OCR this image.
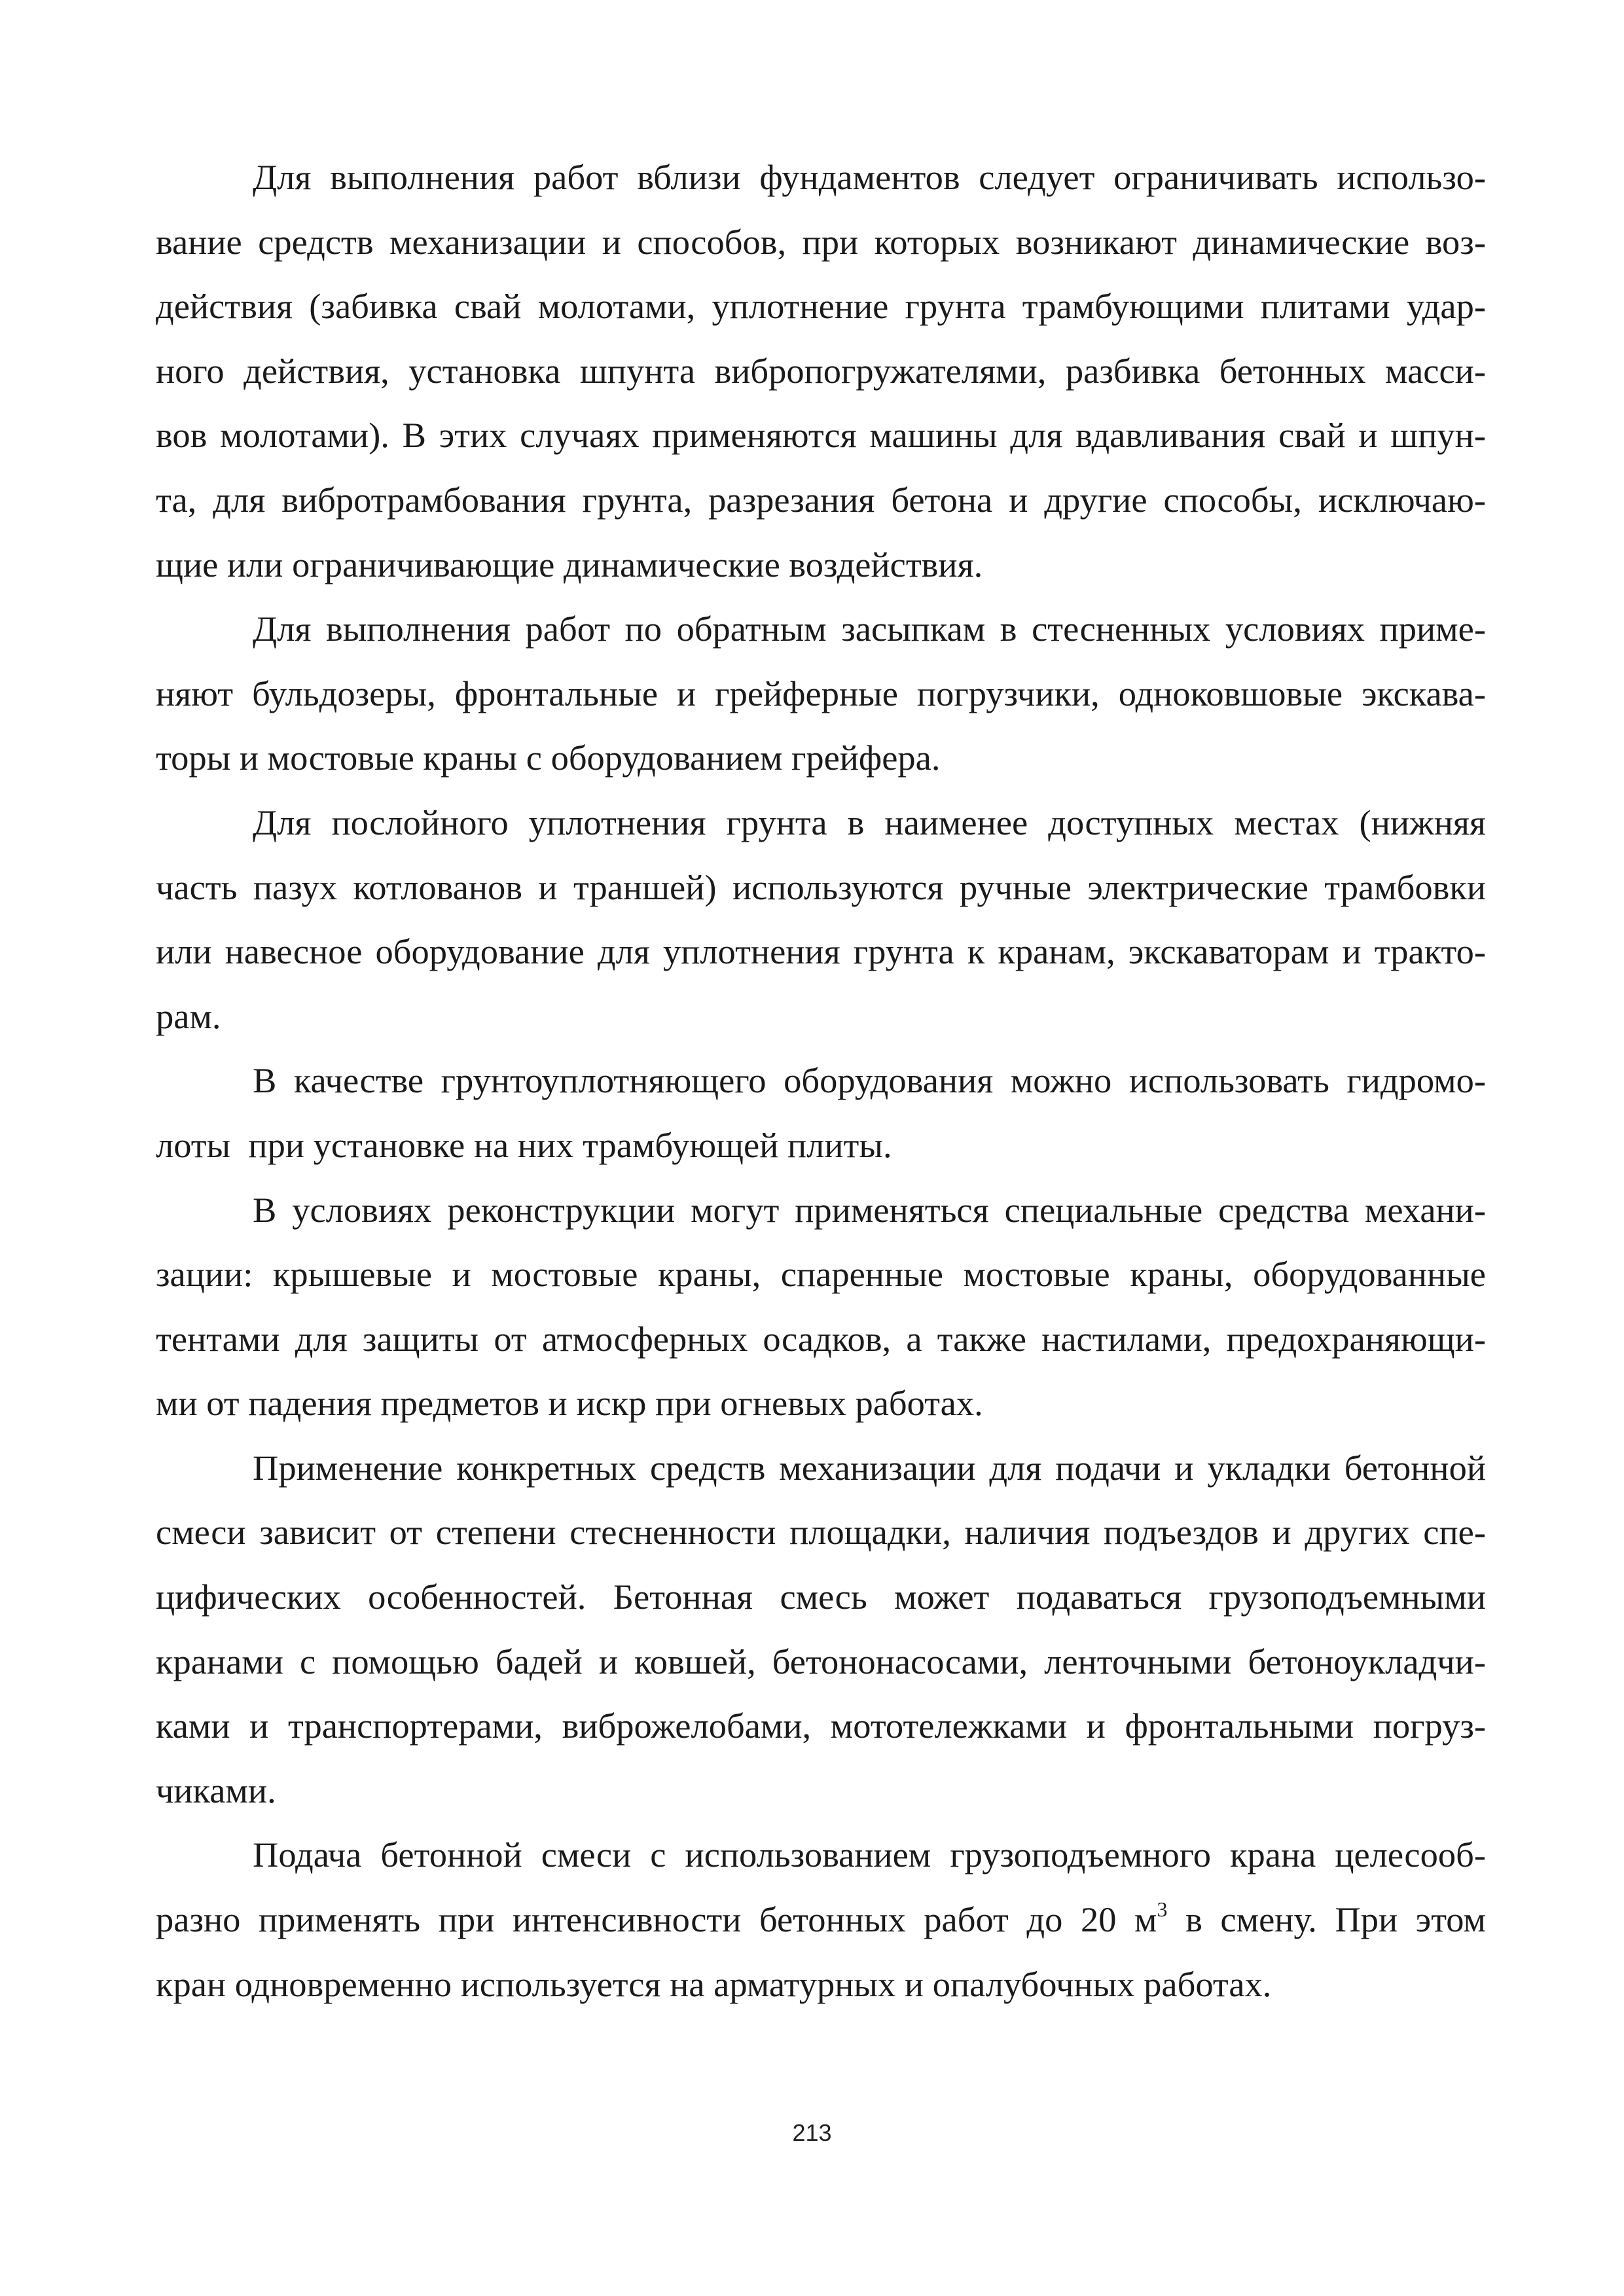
Для выполнения работ вблизи фундаментов следует ограничивать использо-
вание средств механизации и способов, при которых возникают динамические воз-
действия (забивка свай молотами, уплотнение грунта трамбующими плитами удар-
ного действия, установка шпунта вибропогружателями, разбивка бетонных масси-
вов молотами). В этих случаях применяются машины для вдавливания свай и шпун-
та, для вибротрамбования грунта, разрезания бетона и другие способы, исключаю-
щие или ограничивающие динамические воздействия.

Для выполнения работ по обратным засыпкам в стесненных условиях приме-
няют бульдозеры, фронтальные и грейферные погрузчики, одноковшовые экскава-
торы и мостовые краны с оборудованием грейфера.

Для послойного уплотнения грунта в наименее доступных местах (нижняя
часть пазух котлованов и траншей) используются ручные электрические трамбовки
или навесное оборудование для уплотнения грунта к кранам, экскаваторам и тракто-
рам.

В качестве грунтоуплотняющего оборудования можно использовать гидромо-
лоты  при установке на них трамбующей плиты.

В условиях реконструкции могут применяться специальные средства механи-
зации: крышевые и мостовые краны, спаренные мостовые краны, оборудованные
тентами для защиты от атмосферных осадков, а также настилами, предохраняющи-
ми от падения предметов и искр при огневых работах.

Применение конкретных средств механизации для подачи и укладки бетонной
смеси зависит от степени стесненности площадки, наличия подъездов и других спе-
цифических особенностей. Бетонная смесь может подаваться грузоподъемными
кранами с помощью бадей и ковшей, бетононасосами, ленточными бетоноукладчи-
ками и транспортерами, виброжелобами, мототележками и фронтальными погруз-
чиками.

Подача бетонной смеси с использованием грузоподъемного крана целесооб-
разно применять при интенсивности бетонных работ до 20 $м^3$ в смену. При этом
кран одновременно используется на арматурных и опалубочных работах.

213
